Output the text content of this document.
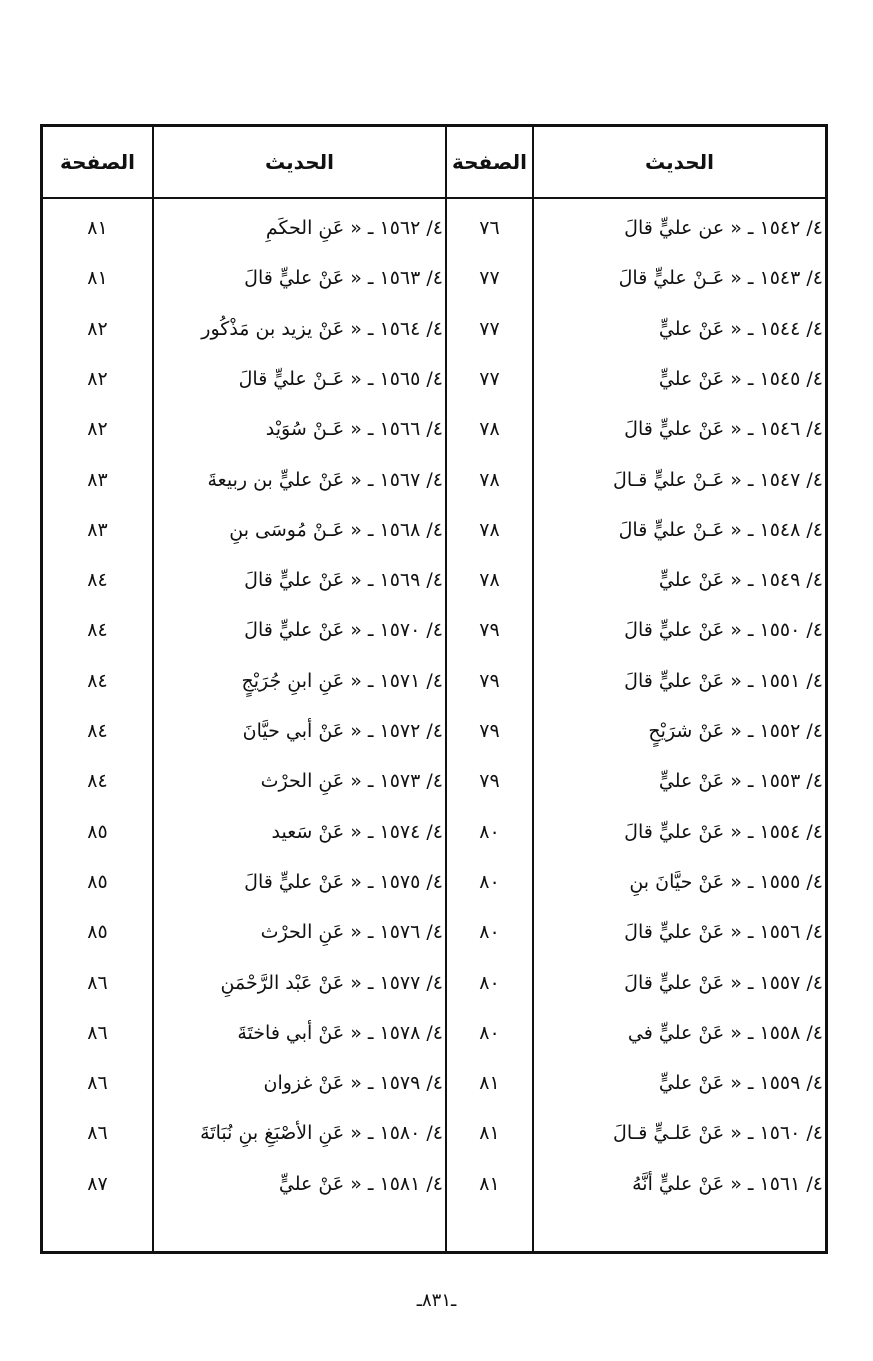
الحديث
الصفحة
الحديث
الصفحة
٤/ ١٥٤٢ ـ « عن عليٍّ قالَ
٧٦
٤/ ١٥٤٣ ـ « عَـنْ عليٍّ قالَ
٧٧
٤/ ١٥٤٤ ـ « عَنْ عليٍّ
٧٧
٤/ ١٥٤٥ ـ « عَنْ عليٍّ
٧٧
٤/ ١٥٤٦ ـ « عَنْ عليٍّ قالَ
٧٨
٤/ ١٥٤٧ ـ « عَـنْ عليٍّ قـالَ
٧٨
٤/ ١٥٤٨ ـ « عَـنْ عليٍّ قالَ
٧٨
٤/ ١٥٤٩ ـ « عَنْ عليٍّ
٧٨
٤/ ١٥٥٠ ـ « عَنْ عليٍّ قالَ
٧٩
٤/ ١٥٥١ ـ « عَنْ عليٍّ قالَ
٧٩
٤/ ١٥٥٢ ـ « عَنْ شرَيْحٍ
٧٩
٤/ ١٥٥٣ ـ « عَنْ عليٍّ
٧٩
٤/ ١٥٥٤ ـ « عَنْ عليٍّ قالَ
٨٠
٤/ ١٥٥٥ ـ « عَنْ حيَّانَ بنِ
٨٠
٤/ ١٥٥٦ ـ « عَنْ عليٍّ قالَ
٨٠
٤/ ١٥٥٧ ـ « عَنْ عليٍّ قالَ
٨٠
٤/ ١٥٥٨ ـ « عَنْ عليٍّ في
٨٠
٤/ ١٥٥٩ ـ « عَنْ عليٍّ
٨١
٤/ ١٥٦٠ ـ « عَنْ عَلـيٍّ قـالَ
٨١
٤/ ١٥٦١ ـ « عَنْ عليٍّ أنَّهُ
٨١
٤/ ١٥٦٢ ـ « عَنِ الحكَمِ
٨١
٤/ ١٥٦٣ ـ « عَنْ عليٍّ قالَ
٨١
٤/ ١٥٦٤ ـ « عَنْ يزيد بن مَذْكُور
٨٢
٤/ ١٥٦٥ ـ « عَـنْ عليٍّ قالَ
٨٢
٤/ ١٥٦٦ ـ « عَـنْ سُوَيْد
٨٢
٤/ ١٥٦٧ ـ « عَنْ عليٍّ بن ربيعةَ
٨٣
٤/ ١٥٦٨ ـ « عَـنْ مُوسَى بنِ
٨٣
٤/ ١٥٦٩ ـ « عَنْ عليٍّ قالَ
٨٤
٤/ ١٥٧٠ ـ « عَنْ عليٍّ قالَ
٨٤
٤/ ١٥٧١ ـ « عَنِ ابنِ جُرَيْجٍ
٨٤
٤/ ١٥٧٢ ـ « عَنْ أبي حيَّانَ
٨٤
٤/ ١٥٧٣ ـ « عَنِ الحرْث
٨٤
٤/ ١٥٧٤ ـ « عَنْ سَعيد
٨٥
٤/ ١٥٧٥ ـ « عَنْ عليٍّ قالَ
٨٥
٤/ ١٥٧٦ ـ « عَنِ الحرْث
٨٥
٤/ ١٥٧٧ ـ « عَنْ عَبْد الرَّحْمَنِ
٨٦
٤/ ١٥٧٨ ـ « عَنْ أبي فاختَةَ
٨٦
٤/ ١٥٧٩ ـ « عَنْ غزوان
٨٦
٤/ ١٥٨٠ ـ « عَنِ الأصْبَغِ بنِ نُبَاتَةَ
٨٦
٤/ ١٥٨١ ـ « عَنْ عليٍّ
٨٧
ـ٨٣١ـ
